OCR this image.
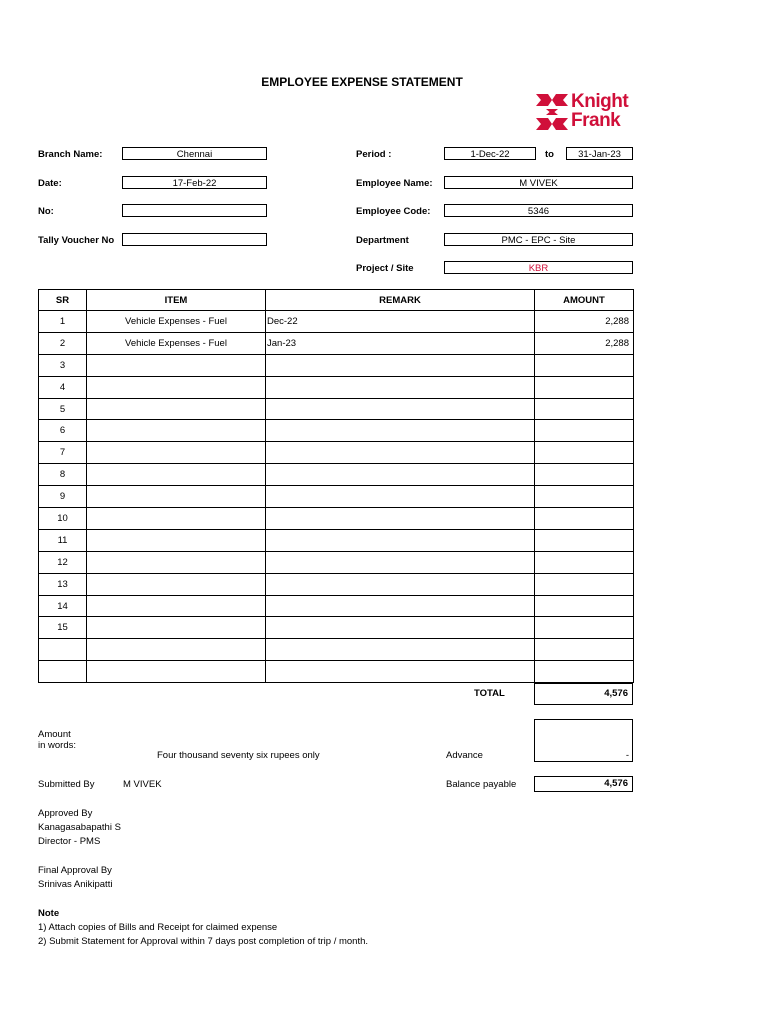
EMPLOYEE EXPENSE STATEMENT
Knight
Frank
Branch Name:	Chennai
Date:	17-Feb-22
No:
Tally Voucher No
Period :	1-Dec-22	to	31-Jan-23
Employee Name:	M VIVEK
Employee Code:	5346
Department	PMC - EPC - Site
Project / Site	KBR
SR	ITEM	REMARK	AMOUNT
1	Vehicle Expenses - Fuel	Dec-22	2,288
2	Vehicle Expenses - Fuel	Jan-23	2,288
3			
4			
5			
6			
7			
8			
9			
10			
11			
12			
13			
14			
15			

TOTAL	4,576
Amount
in words:
Four thousand seventy six rupees only	Advance	-
Submitted By	M VIVEK	Balance payable	4,576
Approved By
Kanagasabapathi S
Director - PMS
Final Approval By
Srinivas Anikipatti
Note
1) Attach copies of Bills and Receipt for claimed expense
2) Submit Statement for Approval within 7 days post completion of trip / month.
